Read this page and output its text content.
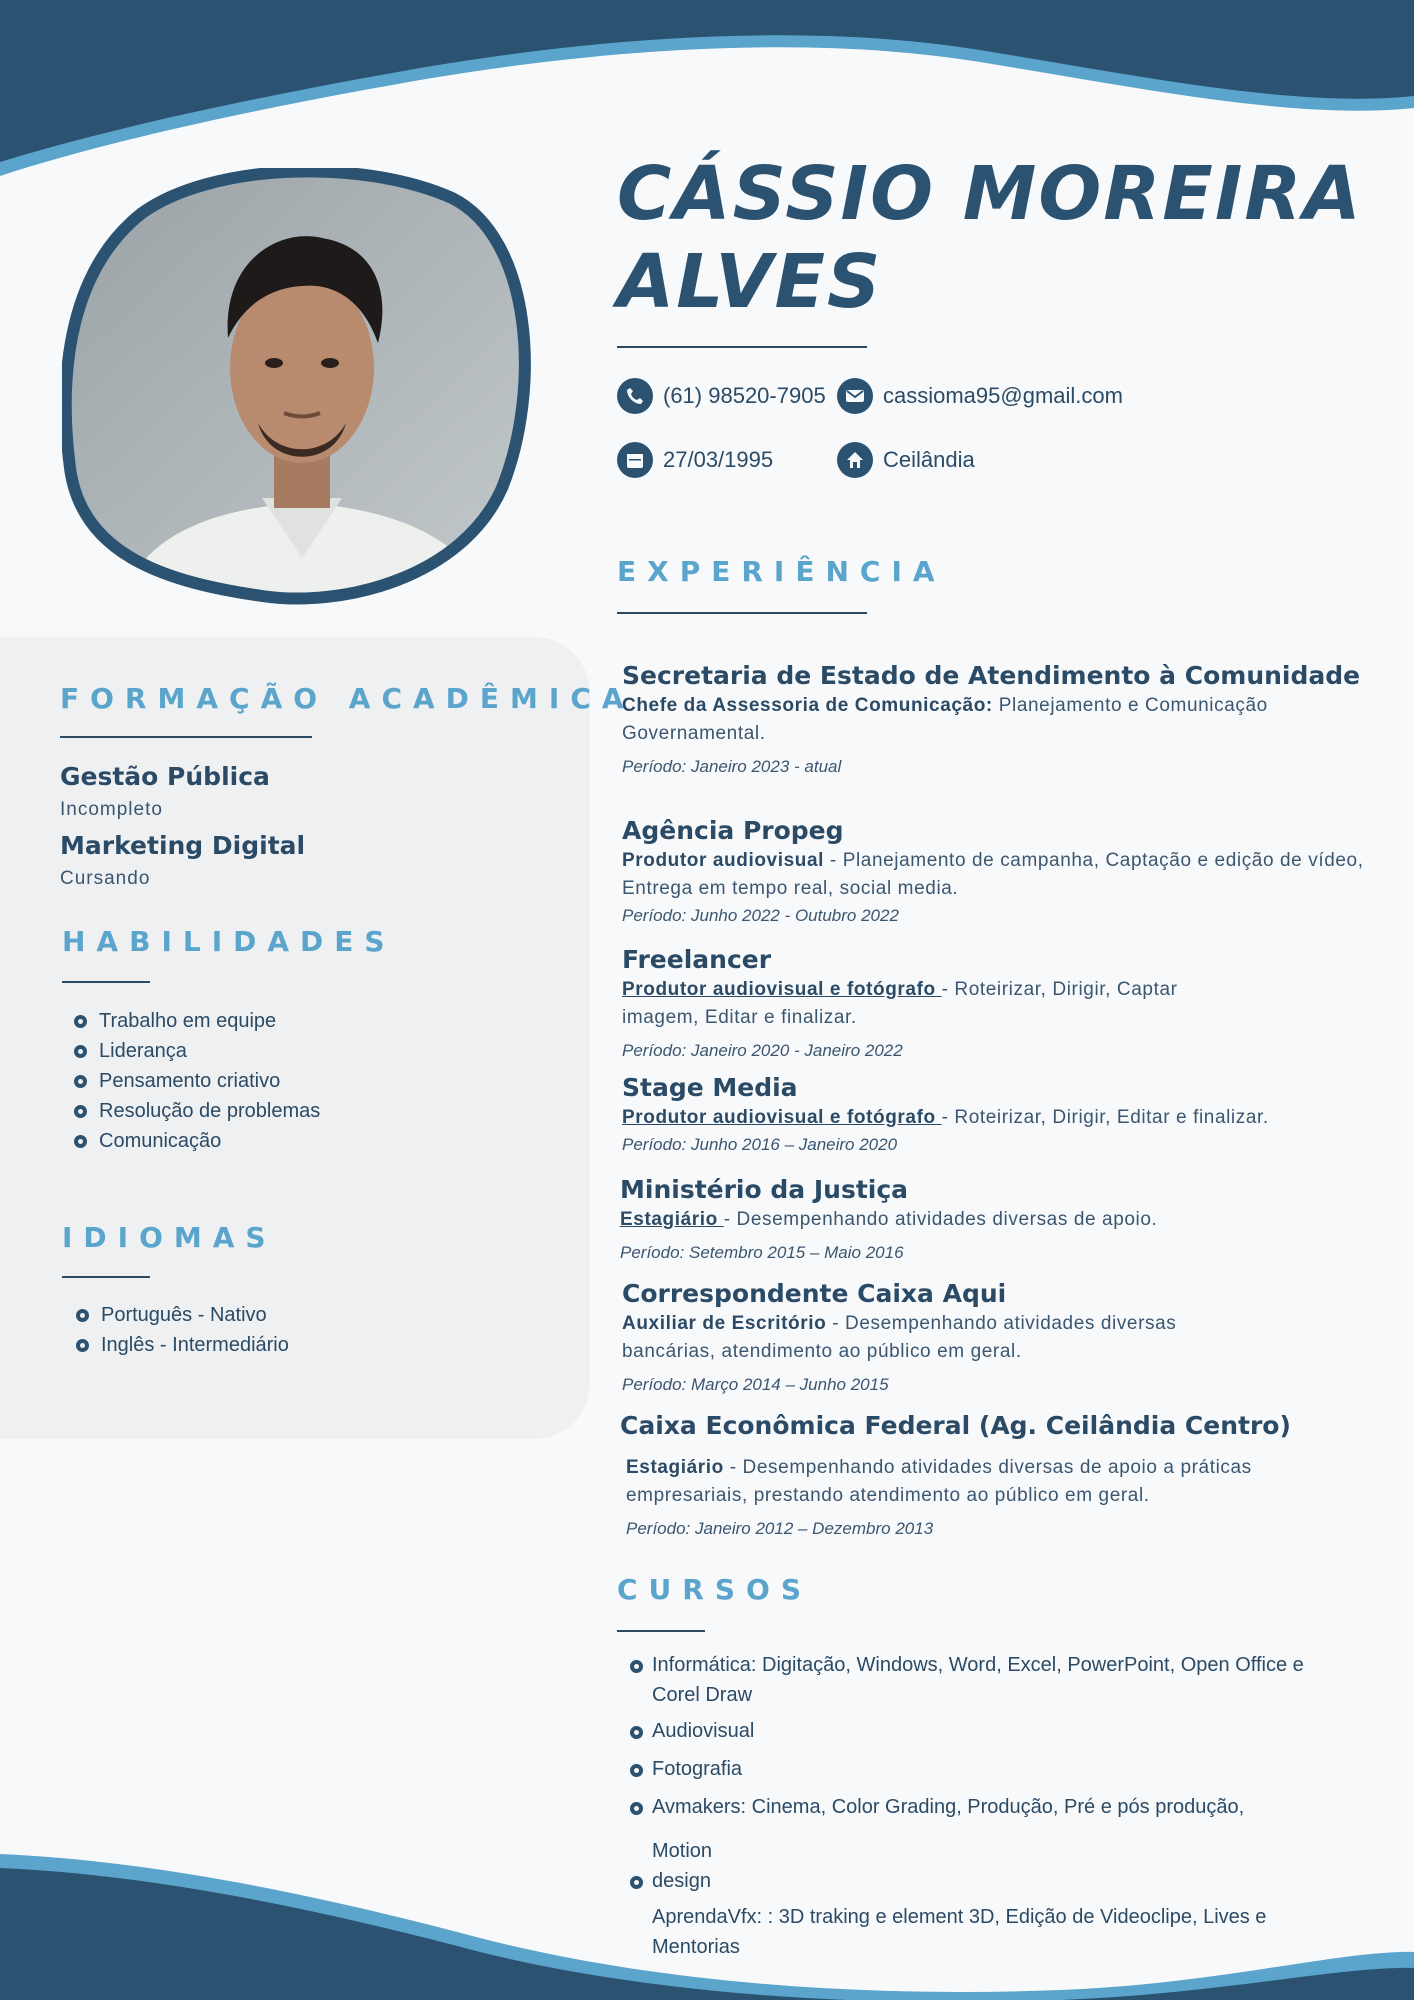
CÁSSIO MOREIRA
ALVES
(61) 98520-7905	cassioma95@gmail.com
27/03/1995	Ceilândia
EXPERIÊNCIA
Secretaria de Estado de Atendimento à Comunidade
Chefe da Assessoria de Comunicação: Planejamento e Comunicação Governamental.
Período: Janeiro 2023 - atual
Agência Propeg
Produtor audiovisual - Planejamento de campanha, Captação e edição de vídeo, Entrega em tempo real, social media.
Período: Junho 2022 - Outubro 2022
Freelancer
Produtor audiovisual e fotógrafo - Roteirizar, Dirigir, Captar imagem, Editar e finalizar.
Período: Janeiro 2020 - Janeiro 2022
Stage Media
Produtor audiovisual e fotógrafo - Roteirizar, Dirigir, Editar e finalizar.
Período: Junho 2016 – Janeiro 2020
Ministério da Justiça
Estagiário - Desempenhando atividades diversas de apoio.
Período: Setembro 2015 – Maio 2016
Correspondente Caixa Aqui
Auxiliar de Escritório - Desempenhando atividades diversas bancárias, atendimento ao público em geral.
Período: Março 2014 – Junho 2015
Caixa Econômica Federal (Ag. Ceilândia Centro)
Estagiário - Desempenhando atividades diversas de apoio a práticas empresariais, prestando atendimento ao público em geral.
Período: Janeiro 2012 – Dezembro 2013
CURSOS
Informática: Digitação, Windows, Word, Excel, PowerPoint, Open Office e Corel Draw
Audiovisual
Fotografia
Avmakers: Cinema, Color Grading, Produção, Pré e pós produção,
Motion
design
AprendaVfx: : 3D traking e element 3D, Edição de Videoclipe, Lives e Mentorias
FORMAÇÃO ACADÊMICA
Gestão Pública
Incompleto
Marketing Digital
Cursando
HABILIDADES
Trabalho em equipe
Liderança
Pensamento criativo
Resolução de problemas
Comunicação
IDIOMAS
Português - Nativo
Inglês - Intermediário
